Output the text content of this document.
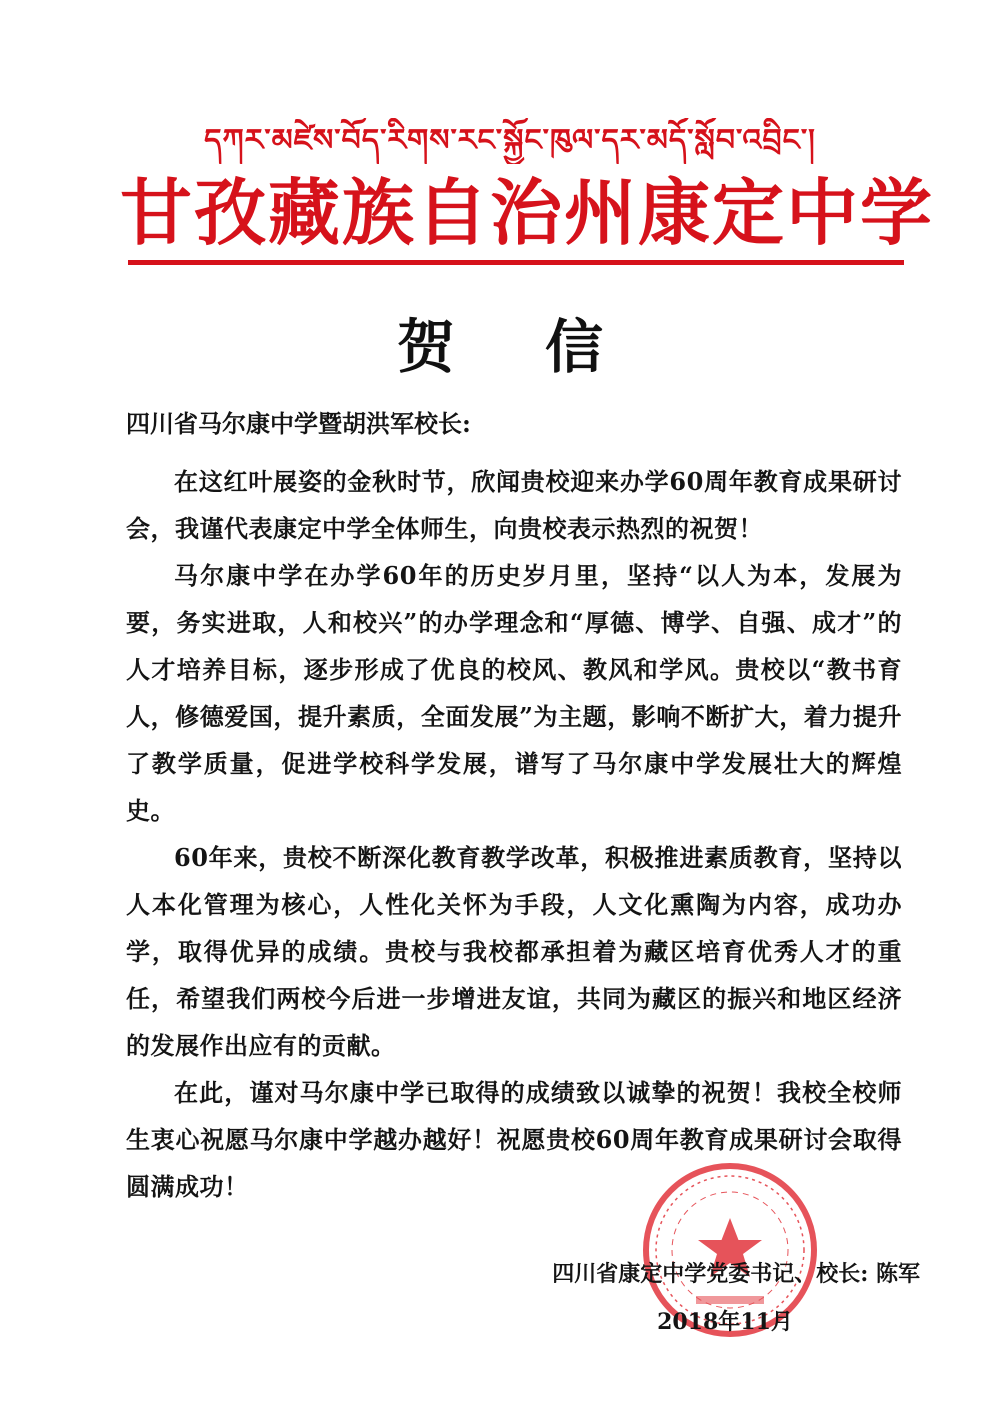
དཀར་མཛེས་བོད་རིགས་རང་སྐྱོང་ཁུལ་དར་མདོ་སློབ་འབྲིང་།
甘孜藏族自治州康定中学
贺信
四川省马尔康中学暨胡洪军校长:

在这红叶展姿的金秋时节，欣闻贵校迎来办学60周年教育成果研讨会，我谨代表康定中学全体师生，向贵校表示热烈的祝贺！

马尔康中学在办学60年的历史岁月里，坚持“以人为本，发展为要，务实进取，人和校兴”的办学理念和“厚德、博学、自强、成才”的人才培养目标，逐步形成了优良的校风、教风和学风。贵校以“教书育人，修德爱国，提升素质，全面发展”为主题，影响不断扩大，着力提升了教学质量，促进学校科学发展，谱写了马尔康中学发展壮大的辉煌史。

60年来，贵校不断深化教育教学改革，积极推进素质教育，坚持以人本化管理为核心，人性化关怀为手段，人文化熏陶为内容，成功办学，取得优异的成绩。贵校与我校都承担着为藏区培育优秀人才的重任，希望我们两校今后进一步增进友谊，共同为藏区的振兴和地区经济的发展作出应有的贡献。

在此，谨对马尔康中学已取得的成绩致以诚挚的祝贺！我校全校师生衷心祝愿马尔康中学越办越好！祝愿贵校60周年教育成果研讨会取得圆满成功！

四川省康定中学党委书记、校长: 陈军
2018年11月
